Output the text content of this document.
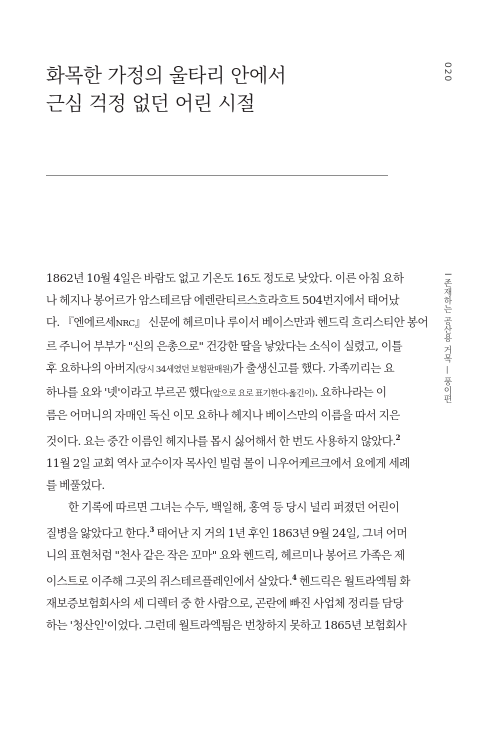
화목한 가정의 울타리 안에서
근심 걱정 없던 어린 시절
020
I 존재하는 공산용 거목 — 풍이편
1862년 10월 4일은 바람도 없고 기온도 16도 정도로 낮았다. 이른 아침 요하
나 헤지나 봉어르가 암스테르담 에렌란티르스흐라흐트 504번지에서 태어났
다. 『엔에르세NRC』 신문에 헤르미나 루이서 베이스만과 헨드릭 흐리스티안 봉어
르 주니어 부부가 "신의 은총으로" 건강한 딸을 낳았다는 소식이 실렸고, 이틀
후 요하나의 아버지(당시 34세였던 보험판매원)가 출생신고를 했다. 가족끼리는 요
하나를 요와 '넷'이라고 부르곤 했다(앞으로 요로 표기한다-옮긴이). 요하나라는 이
름은 어머니의 자매인 독신 이모 요하나 헤지나 베이스만의 이름을 따서 지은
것이다. 요는 중간 이름인 헤지나를 몹시 싫어해서 한 번도 사용하지 않았다.$^2$
11월 2일 교회 역사 교수이자 목사인 빌럼 몰이 니우어케르크에서 요에게 세례
를 베풀었다.
한 기록에 따르면 그녀는 수두, 백일해, 홍역 등 당시 널리 퍼졌던 어린이
질병을 앓았다고 한다.$^3$ 태어난 지 거의 1년 후인 1863년 9월 24일, 그녀 어머
니의 표현처럼 "천사 같은 작은 꼬마" 요와 헨드릭, 헤르미나 봉어르 가족은 제
이스트로 이주해 그곳의 쥐스테르플레인에서 살았다.$^4$ 헨드릭은 월트라엑틤 화
재보증보험회사의 세 디렉터 중 한 사람으로, 곤란에 빠진 사업체 정리를 담당
하는 '청산인'이었다. 그런데 월트라엑틤은 번창하지 못하고 1865년 보험회사
